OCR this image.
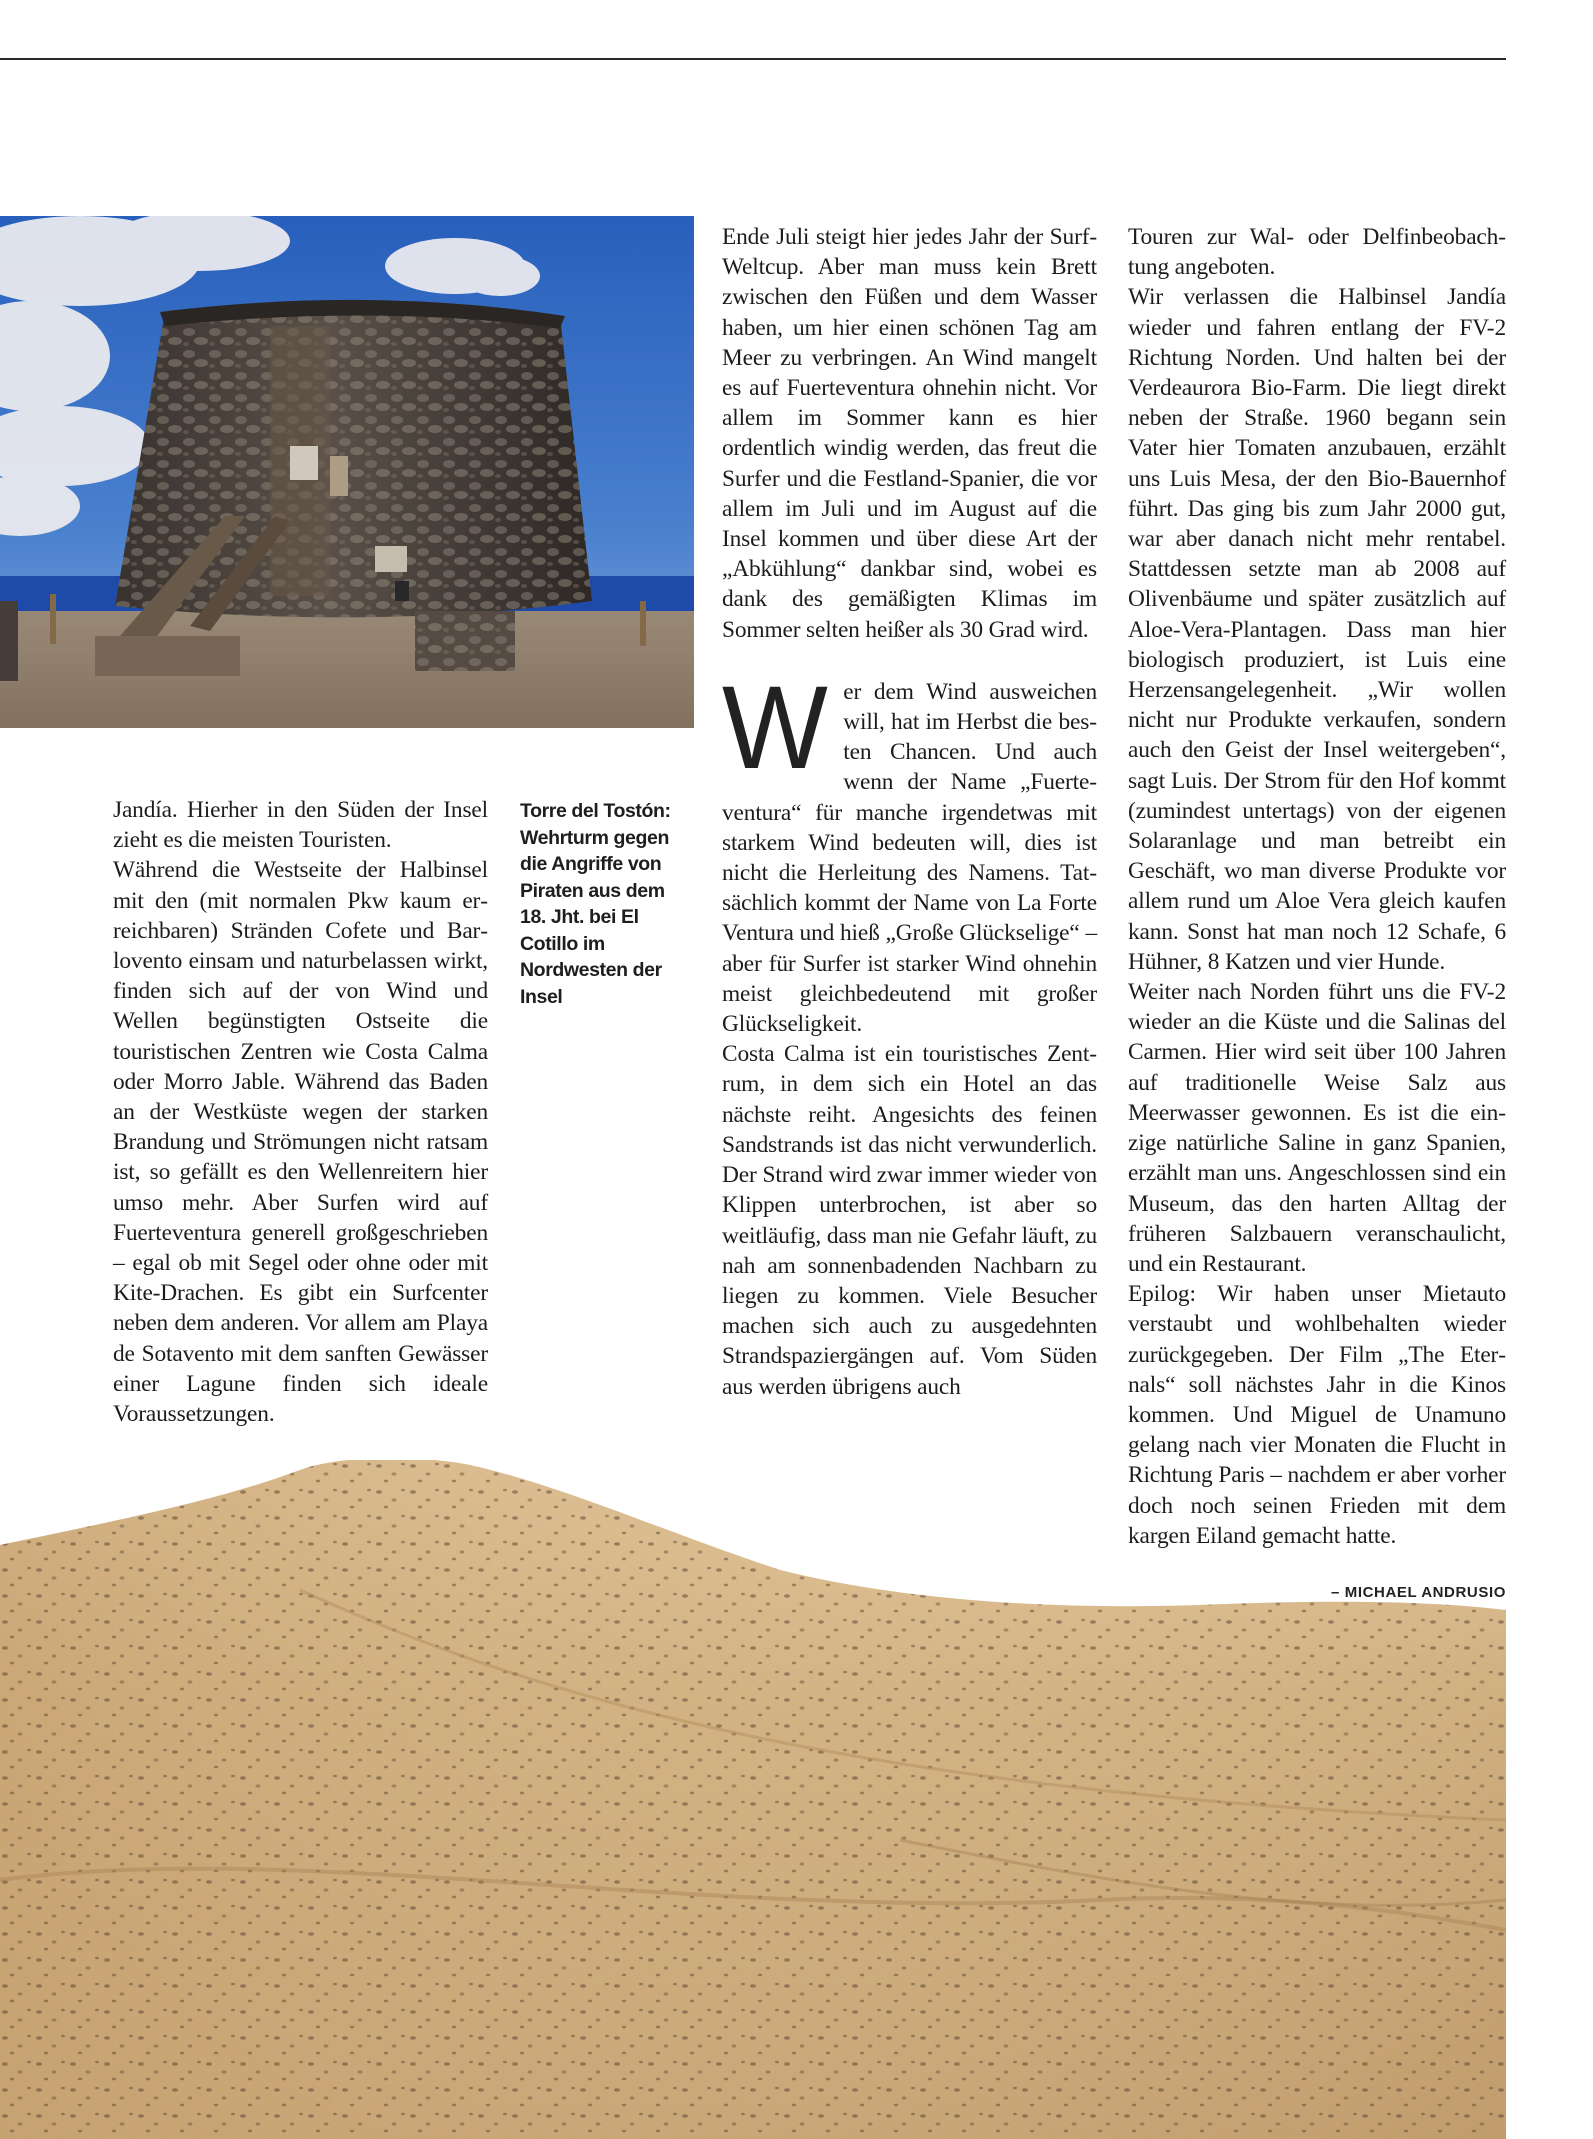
Jandía. Hierher in den Süden der Insel zieht es die meisten Touristen.

Während die Westseite der Halbinsel mit den (mit normalen Pkw kaum erreichbaren) Stränden Cofete und Barlovento einsam und naturbelassen wirkt, finden sich auf der von Wind und Wellen begünstigten Ostseite die touristischen Zentren wie Costa Calma oder Morro Jable. Während das Baden an der Westküste wegen der starken Brandung und Strömungen nicht ratsam ist, so gefällt es den Wellenreitern hier umso mehr. Aber Surfen wird auf Fuerteventura generell großgeschrieben – egal ob mit Segel oder ohne oder mit Kite-Drachen. Es gibt ein Surfcenter neben dem anderen. Vor allem am Playa de Sotavento mit dem sanften Gewässer einer Lagune finden sich ideale Voraussetzungen.

Torre del Tostón: Wehrturm gegen die Angriffe von Piraten aus dem 18. Jht. bei El Cotillo im Nordwesten der Insel

Ende Juli steigt hier jedes Jahr der Surf-Weltcup. Aber man muss kein Brett zwischen den Füßen und dem Wasser haben, um hier einen schönen Tag am Meer zu verbringen. An Wind mangelt es auf Fuerteventura ohnehin nicht. Vor allem im Sommer kann es hier ordentlich windig werden, das freut die Surfer und die Festland-Spanier, die vor allem im Juli und im August auf die Insel kommen und über diese Art der „Abkühlung“ dankbar sind, wobei es dank des gemäßigten Klimas im Sommer selten heißer als 30 Grad wird.

Wer dem Wind ausweichen will, hat im Herbst die besten Chancen. Und auch wenn der Name „Fuerteventura“ für manche irgendetwas mit starkem Wind bedeuten will, dies ist nicht die Herleitung des Namens. Tatsächlich kommt der Name von La Forte Ventura und hieß „Große Glückselige“ – aber für Surfer ist starker Wind ohnehin meist gleichbedeutend mit großer Glückseligkeit.

Costa Calma ist ein touristisches Zentrum, in dem sich ein Hotel an das nächste reiht. Angesichts des feinen Sandstrands ist das nicht verwunderlich. Der Strand wird zwar immer wieder von Klippen unterbrochen, ist aber so weitläufig, dass man nie Gefahr läuft, zu nah am sonnenbadenden Nachbarn zu liegen zu kommen. Viele Besucher machen sich auch zu ausgedehnten Strandspaziergängen auf. Vom Süden aus werden übrigens auch

Touren zur Wal- oder Delfinbeobachtung angeboten.

Wir verlassen die Halbinsel Jandía wieder und fahren entlang der FV-2 Richtung Norden. Und halten bei der Verdeaurora Bio-Farm. Die liegt direkt neben der Straße. 1960 begann sein Vater hier Tomaten anzubauen, erzählt uns Luis Mesa, der den Bio-Bauernhof führt. Das ging bis zum Jahr 2000 gut, war aber danach nicht mehr rentabel. Stattdessen setzte man ab 2008 auf Olivenbäume und später zusätzlich auf Aloe-Vera-Plantagen. Dass man hier biologisch produziert, ist Luis eine Herzensangelegenheit. „Wir wollen nicht nur Produkte verkaufen, sondern auch den Geist der Insel weitergeben“, sagt Luis. Der Strom für den Hof kommt (zumindest untertags) von der eigenen Solaranlage und man betreibt ein Geschäft, wo man diverse Produkte vor allem rund um Aloe Vera gleich kaufen kann. Sonst hat man noch 12 Schafe, 6 Hühner, 8 Katzen und vier Hunde.

Weiter nach Norden führt uns die FV-2 wieder an die Küste und die Salinas del Carmen. Hier wird seit über 100 Jahren auf traditionelle Weise Salz aus Meerwasser gewonnen. Es ist die einzige natürliche Saline in ganz Spanien, erzählt man uns. Angeschlossen sind ein Museum, das den harten Alltag der früheren Salzbauern veranschaulicht, und ein Restaurant.

Epilog: Wir haben unser Mietauto verstaubt und wohlbehalten wieder zurückgegeben. Der Film „The Eternals“ soll nächstes Jahr in die Kinos kommen. Und Miguel de Unamuno gelang nach vier Monaten die Flucht in Richtung Paris – nachdem er aber vorher doch noch seinen Frieden mit dem kargen Eiland gemacht hatte.

– MICHAEL ANDRUSIO
